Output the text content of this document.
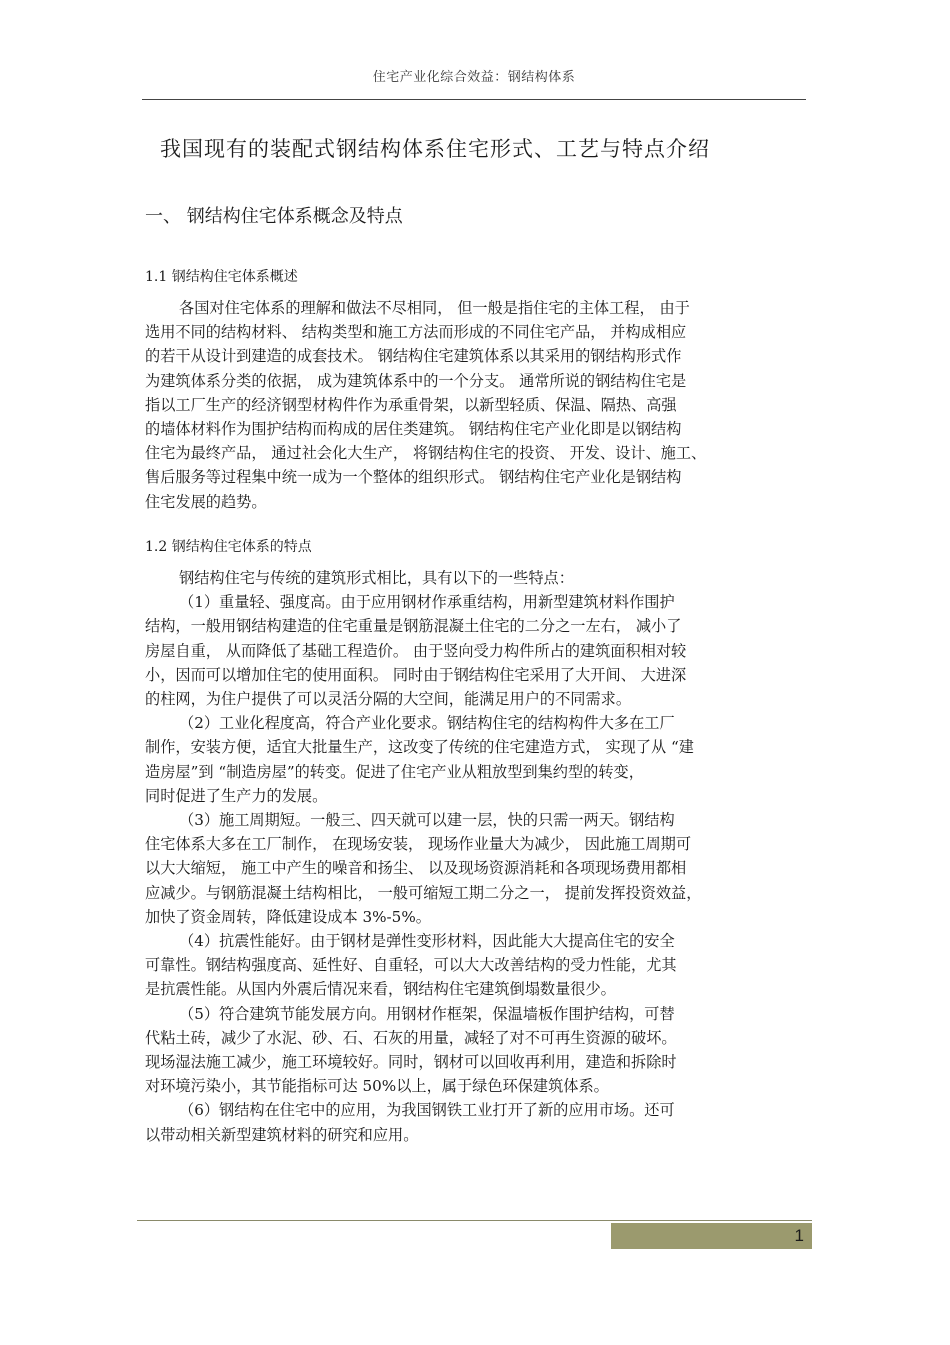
住宅产业化综合效益：钢结构体系
我国现有的装配式钢结构体系住宅形式、工艺与特点介绍
一、 钢结构住宅体系概念及特点
1.1 钢结构住宅体系概述

各国对住宅体系的理解和做法不尽相同， 但一般是指住宅的主体工程， 由于

选用不同的结构材料、 结构类型和施工方法而形成的不同住宅产品， 并构成相应

的若干从设计到建造的成套技术。 钢结构住宅建筑体系以其采用的钢结构形式作

为建筑体系分类的依据， 成为建筑体系中的一个分支。 通常所说的钢结构住宅是

指以工厂生产的经济钢型材构件作为承重骨架，以新型轻质、保温、隔热、高强

的墙体材料作为围护结构而构成的居住类建筑。 钢结构住宅产业化即是以钢结构

住宅为最终产品， 通过社会化大生产， 将钢结构住宅的投资、 开发、设计、施工、

售后服务等过程集中统一成为一个整体的组织形式。 钢结构住宅产业化是钢结构

住宅发展的趋势。

1.2 钢结构住宅体系的特点

钢结构住宅与传统的建筑形式相比，具有以下的一些特点：

（1）重量轻、强度高。由于应用钢材作承重结构，用新型建筑材料作围护

结构，一般用钢结构建造的住宅重量是钢筋混凝土住宅的二分之一左右， 减小了

房屋自重， 从而降低了基础工程造价。 由于竖向受力构件所占的建筑面积相对较

小，因而可以增加住宅的使用面积。 同时由于钢结构住宅采用了大开间、 大进深

的柱网，为住户提供了可以灵活分隔的大空间，能满足用户的不同需求。

（2）工业化程度高，符合产业化要求。钢结构住宅的结构构件大多在工厂

制作，安装方便，适宜大批量生产，这改变了传统的住宅建造方式， 实现了从 “建

造房屋”到 “制造房屋”的转变。促进了住宅产业从粗放型到集约型的转变，

同时促进了生产力的发展。

（3）施工周期短。一般三、四天就可以建一层，快的只需一两天。钢结构

住宅体系大多在工厂制作， 在现场安装， 现场作业量大为减少， 因此施工周期可

以大大缩短， 施工中产生的噪音和扬尘、 以及现场资源消耗和各项现场费用都相

应减少。与钢筋混凝土结构相比， 一般可缩短工期二分之一， 提前发挥投资效益，

加快了资金周转，降低建设成本 3%-5%。

（4）抗震性能好。由于钢材是弹性变形材料，因此能大大提高住宅的安全

可靠性。钢结构强度高、延性好、自重轻，可以大大改善结构的受力性能，尤其

是抗震性能。从国内外震后情况来看，钢结构住宅建筑倒塌数量很少。

（5）符合建筑节能发展方向。用钢材作框架，保温墙板作围护结构，可替

代粘土砖，减少了水泥、砂、石、石灰的用量，减轻了对不可再生资源的破坏。

现场湿法施工减少，施工环境较好。同时，钢材可以回收再利用，建造和拆除时

对环境污染小，其节能指标可达 50%以上，属于绿色环保建筑体系。

（6）钢结构在住宅中的应用，为我国钢铁工业打开了新的应用市场。还可

以带动相关新型建筑材料的研究和应用。

1
